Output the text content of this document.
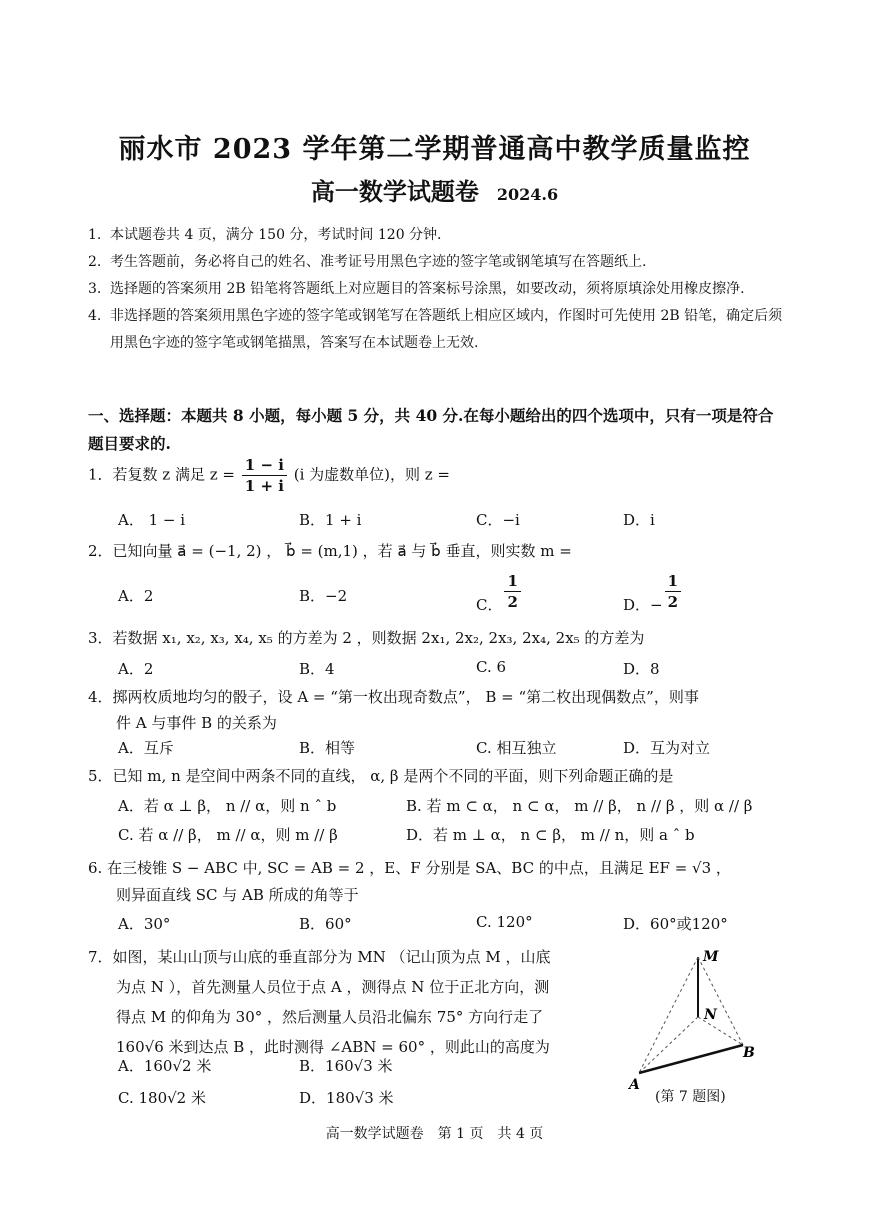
丽水市 2023 学年第二学期普通高中教学质量监控
高一数学试题卷 2024.6
1. 本试题卷共 4 页，满分 150 分，考试时间 120 分钟.
2. 考生答题前，务必将自己的姓名、准考证号用黑色字迹的签字笔或钢笔填写在答题纸上.
3. 选择题的答案须用 2B 铅笔将答题纸上对应题目的答案标号涂黑，如要改动，须将原填涂处用橡皮擦净.
4. 非选择题的答案须用黑色字迹的签字笔或钢笔写在答题纸上相应区域内，作图时可先使用 2B 铅笔，确定后须用黑色字迹的签字笔或钢笔描黑，答案写在本试题卷上无效.
一、选择题：本题共 8 小题，每小题 5 分，共 40 分.在每小题给出的四个选项中，只有一项是符合题目要求的.
1．若复数 z 满足 $z = \frac{1 - i}{1 + i} (i$ 为虚数单位)，则 z =
A． 1 − i	B．1 + i	C．−i	D．i
2．已知向量 a⃗ = (−1, 2) ， b⃗ = (m,1) ，若 a⃗ 与 b⃗ 垂直，则实数 m =
A．2	B．−2	C． $\frac{1}{2}$	D．− $\frac{1}{2}$
3．若数据 x₁, x₂, x₃, x₄, x₅ 的方差为 2 ，则数据 2x₁, 2x₂, 2x₃, 2x₄, 2x₅ 的方差为
A．2	B．4	C. 6	D．8
4．掷两枚质地均匀的骰子，设 A = “第一枚出现奇数点”， B = “第二枚出现偶数点”，则事
件 A 与事件 B 的关系为
A．互斥	B．相等	C. 相互独立	D．互为对立
5．已知 m, n 是空间中两条不同的直线， α, β 是两个不同的平面，则下列命题正确的是
A．若 α ⊥ β， n // α，则 n ˆ b	B. 若 m ⊂ α， n ⊂ α， m // β， n // β ，则 α // β
C. 若 α // β， m // α，则 m // β	D．若 m ⊥ α， n ⊂ β， m // n，则 a ˆ b
6. 在三棱锥 S − ABC 中, SC = AB = 2 ，E、F 分别是 SA、BC 的中点，且满足 EF = √3 ，
则异面直线 SC 与 AB 所成的角等于
A．30°	B．60°	C. 120°	D．60°或120°
7．如图，某山山顶与山底的垂直部分为 MN （记山顶为点 M ，山底
为点 N ），首先测量人员位于点 A ，测得点 N 位于正北方向，测
得点 M 的仰角为 30° ，然后测量人员沿北偏东 75° 方向行走了
160√6 米到达点 B ，此时测得 ∠ABN = 60° ，则此山的高度为
A．160√2 米	B．160√3 米
C. 180√2 米	D．180√3 米
M
N
A
B
(第 7 题图)
高一数学试题卷　第 1 页　共 4 页
